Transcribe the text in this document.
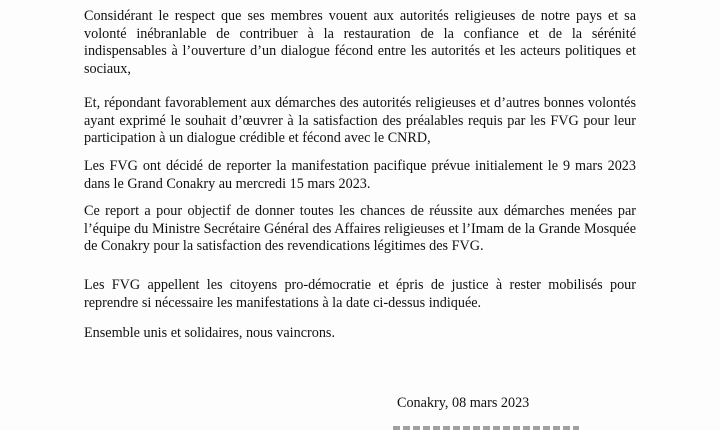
Considérant le respect que ses membres vouent aux autorités religieuses de notre pays et sa volonté inébranlable de contribuer à la restauration de la confiance et de la sérénité indispensables à l’ouverture d’un dialogue fécond entre les autorités et les acteurs politiques et sociaux,

Et, répondant favorablement aux démarches des autorités religieuses et d’autres bonnes volontés ayant exprimé le souhait d’œuvrer à la satisfaction des préalables requis par les FVG pour leur participation à un dialogue crédible et fécond avec le CNRD,

Les FVG ont décidé de reporter la manifestation pacifique prévue initialement le 9 mars 2023 dans le Grand Conakry au mercredi 15 mars 2023.

Ce report a pour objectif de donner toutes les chances de réussite aux démarches menées par l’équipe du Ministre Secrétaire Général des Affaires religieuses et l’Imam de la Grande Mosquée de Conakry pour la satisfaction des revendications légitimes des FVG.

Les FVG appellent les citoyens pro-démocratie et épris de justice à rester mobilisés pour reprendre si nécessaire les manifestations à la date ci-dessus indiquée.

Ensemble unis et solidaires, nous vaincrons.

Conakry, 08 mars 2023
